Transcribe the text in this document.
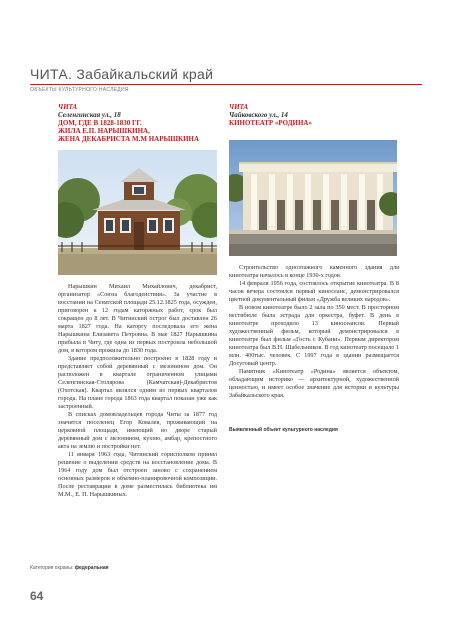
ЧИТА. Забайкальский край
ОБЪЕКТЫ КУЛЬТУРНОГО НАСЛЕДИЯ
ЧИТА
Селенгинская ул., 18
ДОМ, ГДЕ В 1828-1830 ГГ.
ЖИЛА Е.П. НАРЫШКИНА,
ЖЕНА ДЕКАБРИСТА М.М НАРЫШКИНА

Нарышкин Михаил Михайлович, декабрист, организатор «Союза благоденствия». За участие в восстании на Сенатской площади 25.12.1825 года, осужден, приговорен к 12 годам каторжных работ, срок был сокращен до 8 лет. В Читинский острог был доставлен 26 марта 1827 года. На каторгу последовала его жена Нарышкина Елизавета Петровна. В мае 1827 Нарышкина прибыла в Читу, где одна из первых построила небольшой дом, в котором прожила до 1830 года.

Здание предположительно построено в 1828 году и представляет собой деревянный с мезонином дом. Он расположен в квартале ограниченном улицами Селенгинская-Столярова (Камчатская)-Декабристов (Охотская). Квартал являлся одним из первых кварталов города. На плане города 1863 года квартал показан уже как застроенный.

В списках домовладельцев города Читы за 1877 год значится поселенец Егор Ковалев, проживающий на церковной площади, имеющий во дворе старый деревянный дом с мезонином, кухню, амбар, крепостного акта на землю и постройки нет.

11 января 1963 года, Читинский горисполком принял решение о выделении средств на восстановление дома. В 1964 году дом был отстроен заново с сохранением основных размеров и объемно-планировочной композиции. После реставрации в доме разместилась библиотека им М.М., Е. П. Нарышкиных.

ЧИТА
Чайковского ул., 14
КИНОТЕАТР «РОДИНА»

Строительство одноэтажного каменного здания для кинотеатра началось в конце 1930-х годов.

14 февраля 1956 года, состоялось открытие кинотеатра. В 8 часов вечера состоялся первый киносеанс, демонстрировался цветной документальный фильм «Дружба великих народов».

В новом кинотеатре было 2 зала по 350 мест. В просторном вестибюле была эстрада для оркестра, буфет. В день в кинотеатре проходило 13 киносеансов. Первый художественный фильм, который демонстрировался в кинотеатре был фильм «Гость с Кубани». Первым директором кинотеатра был В.Н. Шабельников. В год кинотеатр посещало 1 млн. 400тыс. человек. С 1997 года в здании размещается Досуговый центр.

Памятник «Кинотеатр «Родина» является объектом, обладающим историко — архитектурной, художественной ценностью, и имеет особое значение для истории и культуры Забайкальского края.

Выявленный объект культурного наследия
Категория охраны: федеральная
64
